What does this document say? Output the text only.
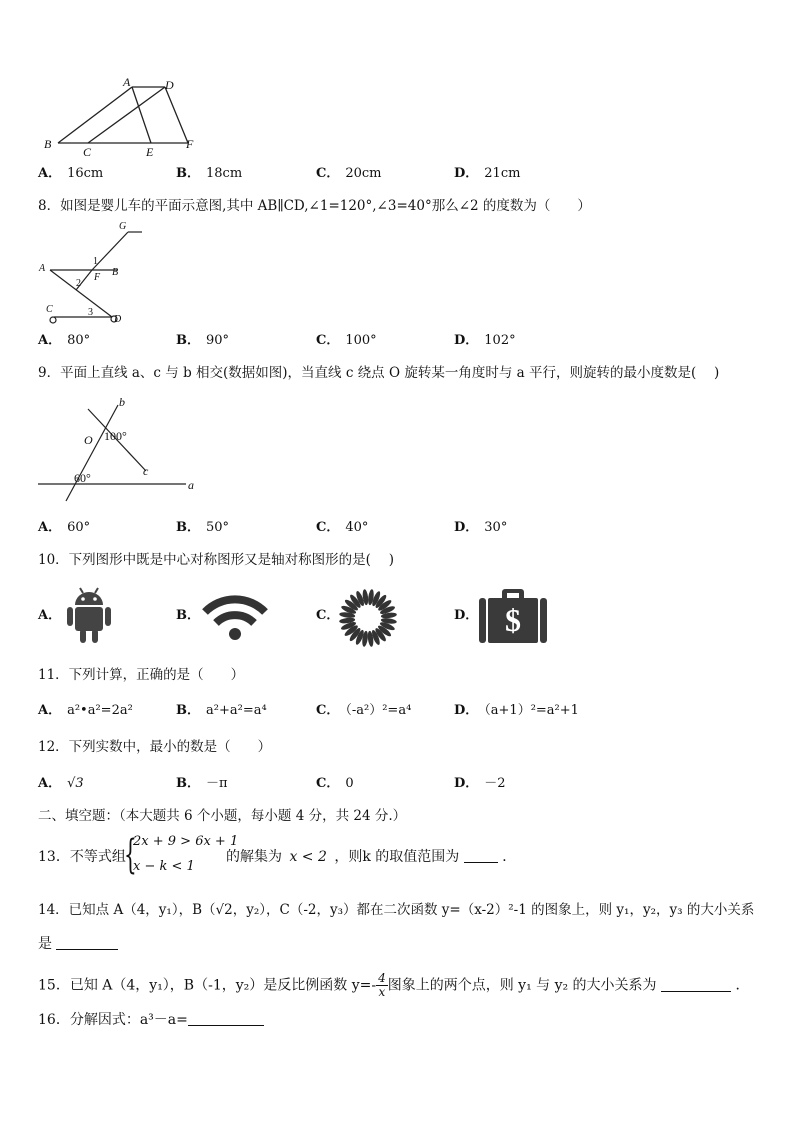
A	D
B
C	E
F
A． 16cm	B． 18cm	C． 20cm	D． 21cm
8．如图是婴儿车的平面示意图,其中 AB∥CD,∠1=120°,∠3=40°那么∠2 的度数为（　　）
G
A
1
B
F
2
C	3
D
A． 80°	B． 90°	C． 100°	D． 102°
9．平面上直线 a、c 与 b 相交(数据如图)，当直线 c 绕点 O 旋转某一角度时与 a 平行，则旋转的最小度数是(　 )
b
O 100°
c
60°	a
A． 60°	B． 50°	C． 40°	D． 30°
10．下列图形中既是中心对称图形又是轴对称图形的是(　 )
A．	B．	C．	D． $
11．下列计算，正确的是（　　）
A． a²•a²=2a²	B． a²+a²=a⁴	C． （-a²）²=a⁴	D． （a+1）²=a²+1
12．下列实数中，最小的数是（　　）
A． √3	B． －π	C． 0	D． －2
二、填空题：（本大题共 6 个小题，每小题 4 分，共 24 分.）
13．不等式组
{
2x + 9 > 6x + 1
x − k < 1
的解集为 x < 2 ，则k 的取值范围为	．
14．已知点 A（4，y₁），B（√2，y₂），C（-2，y₃）都在二次函数 y=（x-2）²-1 的图象上，则 y₁，y₂，y₃ 的大小关系
是
15．已知 A（4，y₁），B（-1，y₂）是反比例函数 $y=- \frac{4}{x}$ 图象上的两个点，则 y₁ 与 y₂ 的大小关系为	．
16．分解因式：a³－a=
